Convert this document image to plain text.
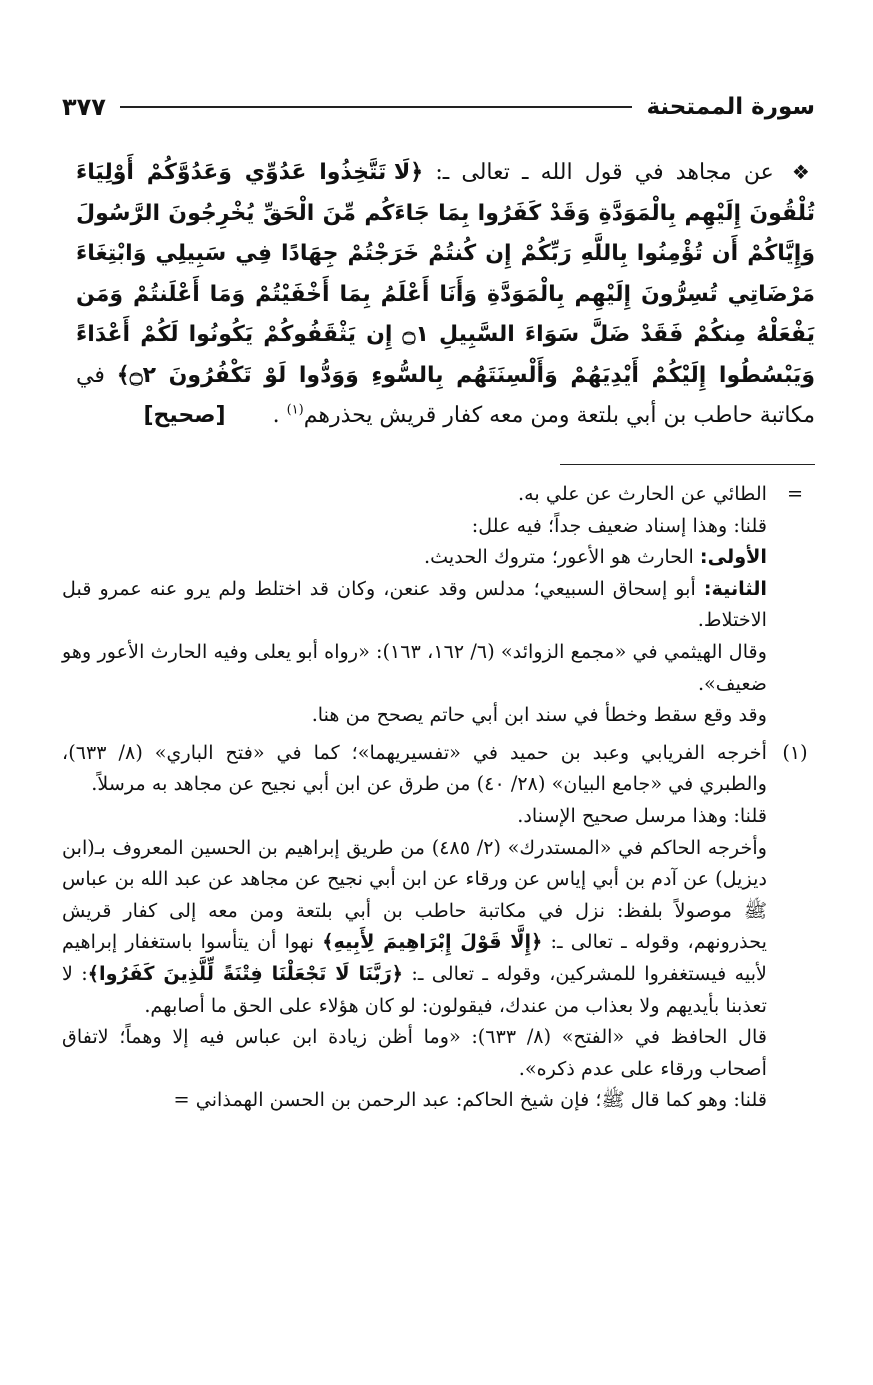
٣٧٧	سورة الممتحنة
❖ عن مجاهد في قول الله ـ تعالى ـ: ﴿لَا تَتَّخِذُوا عَدُوِّي وَعَدُوَّكُمْ أَوْلِيَاءَ تُلْقُونَ إِلَيْهِم بِالْمَوَدَّةِ وَقَدْ كَفَرُوا بِمَا جَاءَكُم مِّنَ الْحَقِّ يُخْرِجُونَ الرَّسُولَ وَإِيَّاكُمْ أَن تُؤْمِنُوا بِاللَّهِ رَبِّكُمْ إِن كُنتُمْ خَرَجْتُمْ جِهَادًا فِي سَبِيلِي وَابْتِغَاءَ مَرْضَاتِي تُسِرُّونَ إِلَيْهِم بِالْمَوَدَّةِ وَأَنَا أَعْلَمُ بِمَا أَخْفَيْتُمْ وَمَا أَعْلَنتُمْ وَمَن يَفْعَلْهُ مِنكُمْ فَقَدْ ضَلَّ سَوَاءَ السَّبِيلِ ۝١ إِن يَثْقَفُوكُمْ يَكُونُوا لَكُمْ أَعْدَاءً وَيَبْسُطُوا إِلَيْكُمْ أَيْدِيَهُمْ وَأَلْسِنَتَهُم بِالسُّوءِ وَوَدُّوا لَوْ تَكْفُرُونَ ۝٢﴾ في مكاتبة حاطب بن أبي بلتعة ومن معه كفار قريش يحذرهم$^{(١)}$ . [صحيح]
=

الطائي عن الحارث عن علي به.

قلنا: وهذا إسناد ضعيف جداً؛ فيه علل:

الأولى: الحارث هو الأعور؛ متروك الحديث.

الثانية: أبو إسحاق السبيعي؛ مدلس وقد عنعن، وكان قد اختلط ولم يرو عنه عمرو قبل الاختلاط.

وقال الهيثمي في «مجمع الزوائد» (٦/ ١٦٢، ١٦٣): «رواه أبو يعلى وفيه الحارث الأعور وهو ضعيف».

وقد وقع سقط وخطأ في سند ابن أبي حاتم يصحح من هنا.

(١)

أخرجه الفريابي وعبد بن حميد في «تفسيريهما»؛ كما في «فتح الباري» (٨/ ٦٣٣)، والطبري في «جامع البيان» (٢٨/ ٤٠) من طرق عن ابن أبي نجيح عن مجاهد به مرسلاً.

قلنا: وهذا مرسل صحيح الإسناد.

وأخرجه الحاكم في «المستدرك» (٢/ ٤٨٥) من طريق إبراهيم بن الحسين المعروف بـ(ابن ديزيل) عن آدم بن أبي إياس عن ورقاء عن ابن أبي نجيح عن مجاهد عن عبد الله بن عباس ﷺ موصولاً بلفظ: نزل في مكاتبة حاطب بن أبي بلتعة ومن معه إلى كفار قريش يحذرونهم، وقوله ـ تعالى ـ: ﴿إِلَّا قَوْلَ إِبْرَاهِيمَ لِأَبِيهِ﴾ نهوا أن يتأسوا باستغفار إبراهيم لأبيه فيستغفروا للمشركين، وقوله ـ تعالى ـ: ﴿رَبَّنَا لَا تَجْعَلْنَا فِتْنَةً لِّلَّذِينَ كَفَرُوا﴾: لا تعذبنا بأيديهم ولا بعذاب من عندك، فيقولون: لو كان هؤلاء على الحق ما أصابهم.

قال الحافظ في «الفتح» (٨/ ٦٣٣): «وما أظن زيادة ابن عباس فيه إلا وهماً؛ لاتفاق أصحاب ورقاء على عدم ذكره».

قلنا: وهو كما قال ﷺ؛ فإن شيخ الحاكم: عبد الرحمن بن الحسن الهمذاني =
